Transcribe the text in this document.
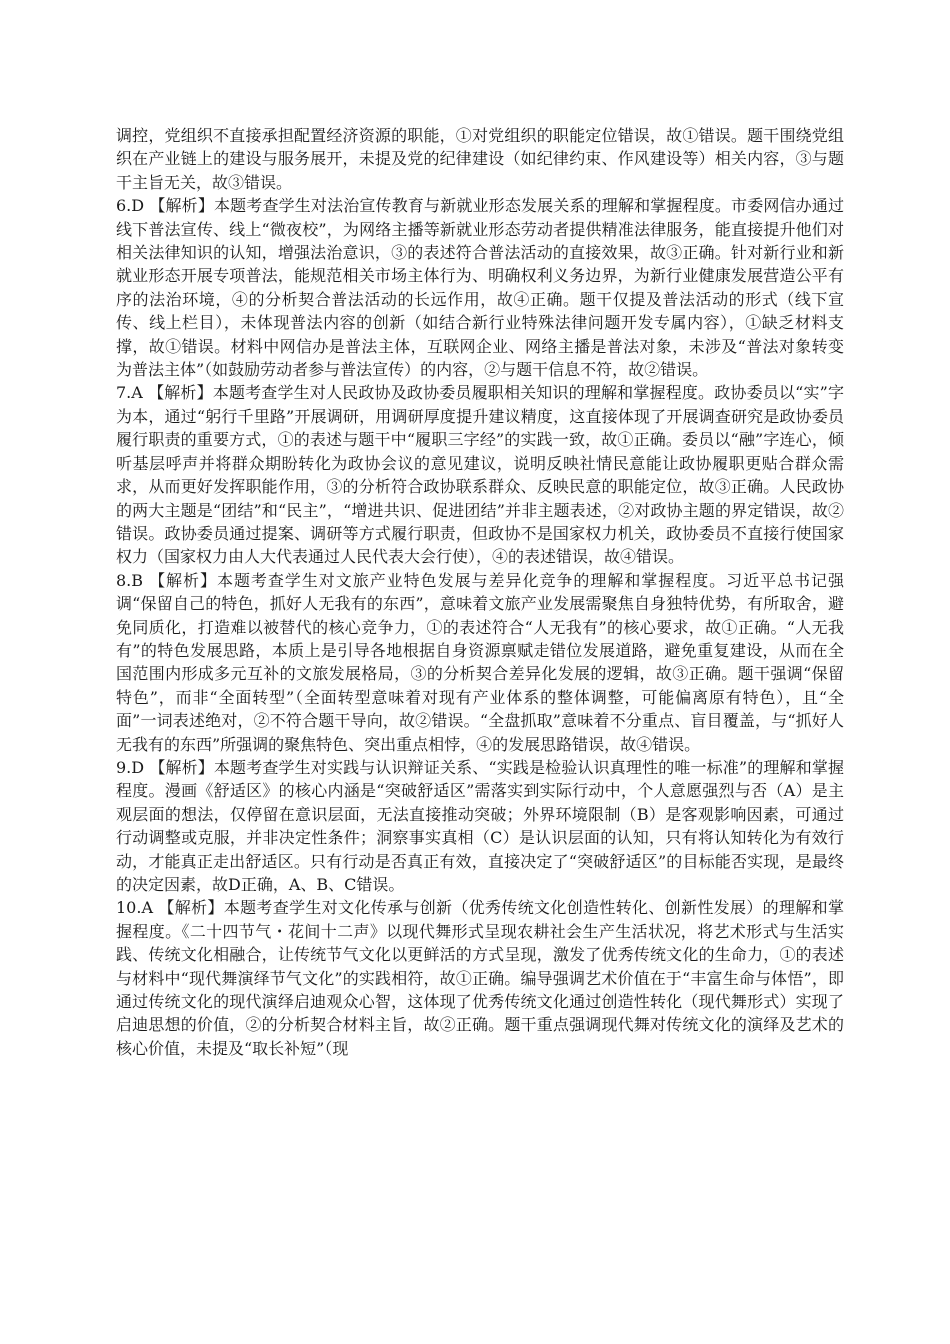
调控，党组织不直接承担配置经济资源的职能，①对党组织的职能定位错误，故①错误。题干围绕党组织在产业链上的建设与服务展开，未提及党的纪律建设（如纪律约束、作风建设等）相关内容，③与题干主旨无关，故③错误。

6.D 【解析】本题考查学生对法治宣传教育与新就业形态发展关系的理解和掌握程度。市委网信办通过线下普法宣传、线上“微夜校”，为网络主播等新就业形态劳动者提供精准法律服务，能直接提升他们对相关法律知识的认知，增强法治意识，③的表述符合普法活动的直接效果，故③正确。针对新行业和新就业形态开展专项普法，能规范相关市场主体行为、明确权利义务边界，为新行业健康发展营造公平有序的法治环境，④的分析契合普法活动的长远作用，故④正确。题干仅提及普法活动的形式（线下宣传、线上栏目），未体现普法内容的创新（如结合新行业特殊法律问题开发专属内容），①缺乏材料支撑，故①错误。材料中网信办是普法主体，互联网企业、网络主播是普法对象，未涉及“普法对象转变为普法主体”（如鼓励劳动者参与普法宣传）的内容，②与题干信息不符，故②错误。

7.A 【解析】本题考查学生对人民政协及政协委员履职相关知识的理解和掌握程度。政协委员以“实”字为本，通过“躬行千里路”开展调研，用调研厚度提升建议精度，这直接体现了开展调查研究是政协委员履行职责的重要方式，①的表述与题干中“履职三字经”的实践一致，故①正确。委员以“融”字连心，倾听基层呼声并将群众期盼转化为政协会议的意见建议，说明反映社情民意能让政协履职更贴合群众需求，从而更好发挥职能作用，③的分析符合政协联系群众、反映民意的职能定位，故③正确。人民政协的两大主题是“团结”和“民主”，“增进共识、促进团结”并非主题表述，②对政协主题的界定错误，故②错误。政协委员通过提案、调研等方式履行职责，但政协不是国家权力机关，政协委员不直接行使国家权力（国家权力由人大代表通过人民代表大会行使），④的表述错误，故④错误。

8.B 【解析】本题考查学生对文旅产业特色发展与差异化竞争的理解和掌握程度。习近平总书记强调“保留自己的特色，抓好人无我有的东西”，意味着文旅产业发展需聚焦自身独特优势，有所取舍，避免同质化，打造难以被替代的核心竞争力，①的表述符合“人无我有”的核心要求，故①正确。“人无我有”的特色发展思路，本质上是引导各地根据自身资源禀赋走错位发展道路，避免重复建设，从而在全国范围内形成多元互补的文旅发展格局，③的分析契合差异化发展的逻辑，故③正确。题干强调“保留特色”，而非“全面转型”（全面转型意味着对现有产业体系的整体调整，可能偏离原有特色），且“全面”一词表述绝对，②不符合题干导向，故②错误。“全盘抓取”意味着不分重点、盲目覆盖，与“抓好人无我有的东西”所强调的聚焦特色、突出重点相悖，④的发展思路错误，故④错误。

9.D 【解析】本题考查学生对实践与认识辩证关系、“实践是检验认识真理性的唯一标准”的理解和掌握程度。漫画《舒适区》的核心内涵是“突破舒适区”需落实到实际行动中，个人意愿强烈与否（A）是主观层面的想法，仅停留在意识层面，无法直接推动突破；外界环境限制（B）是客观影响因素，可通过行动调整或克服，并非决定性条件；洞察事实真相（C）是认识层面的认知，只有将认知转化为有效行动，才能真正走出舒适区。只有行动是否真正有效，直接决定了“突破舒适区”的目标能否实现，是最终的决定因素，故D正确，A、B、C错误。

10.A 【解析】本题考查学生对文化传承与创新（优秀传统文化创造性转化、创新性发展）的理解和掌握程度。《二十四节气・花间十二声》以现代舞形式呈现农耕社会生产生活状况，将艺术形式与生活实践、传统文化相融合，让传统节气文化以更鲜活的方式呈现，激发了优秀传统文化的生命力，①的表述与材料中“现代舞演绎节气文化”的实践相符，故①正确。编导强调艺术价值在于“丰富生命与体悟”，即通过传统文化的现代演绎启迪观众心智，这体现了优秀传统文化通过创造性转化（现代舞形式）实现了启迪思想的价值，②的分析契合材料主旨，故②正确。题干重点强调现代舞对传统文化的演绎及艺术的核心价值，未提及“取长补短”（现
